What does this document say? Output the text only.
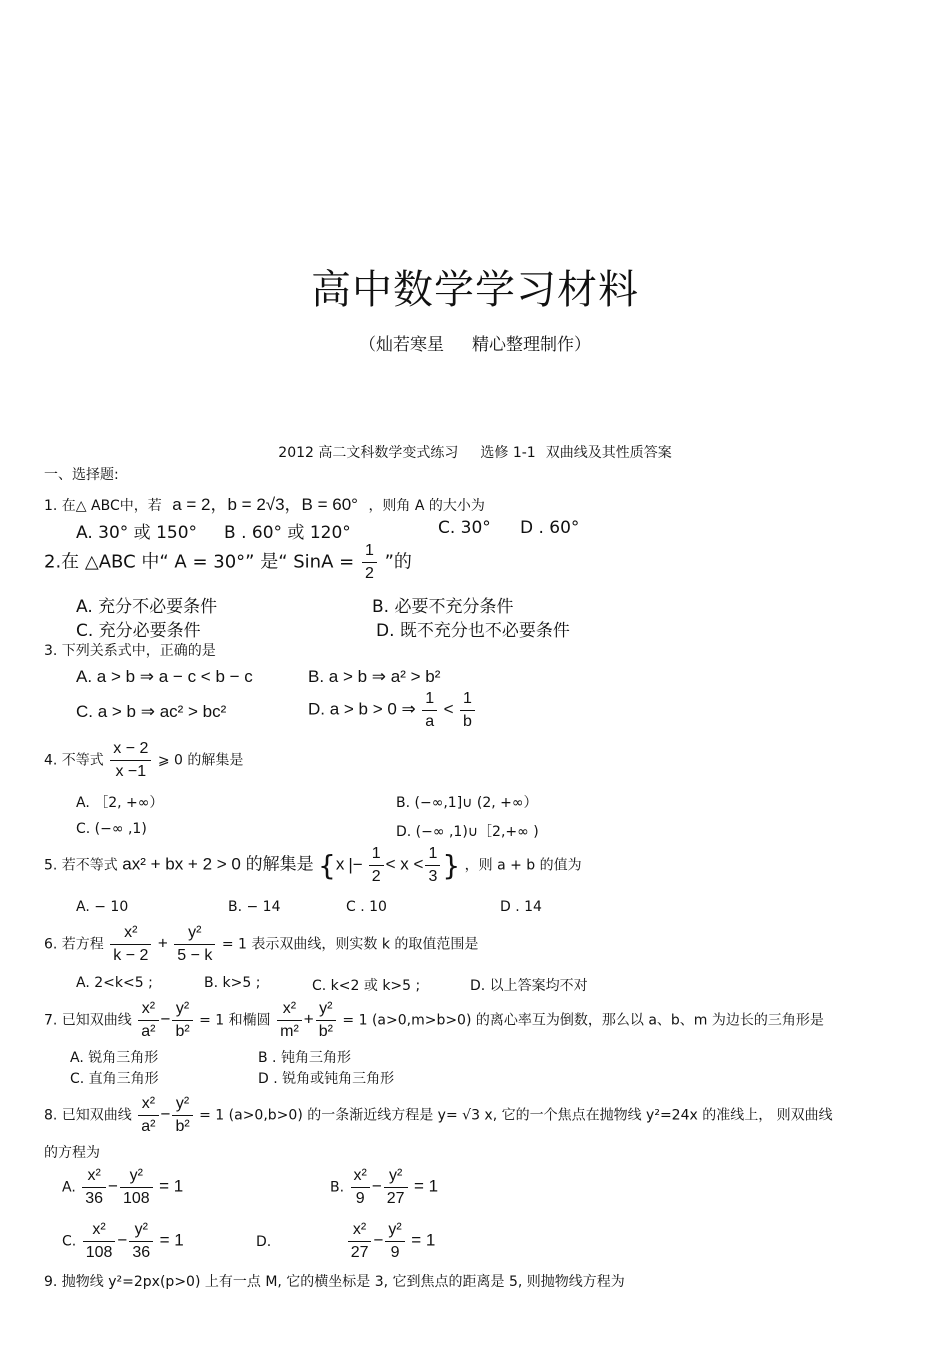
高中数学学习材料
（灿若寒星 精心整理制作）
2012 高二文科数学变式练习 选修 1-1 双曲线及其性质答案
一、选择题:
1. 在△ ABC中，若 a = 2，b = 2√3，B = 60° ，则角 A 的大小为
A. 30° 或 150° B . 60° 或 120°	C. 30° D . 60°
2.在 △ABC 中“ A = 30°” 是“ SinA = $\frac{1}{2}$ ”的
A. 充分不必要条件	B. 必要不充分条件
C. 充分必要条件	D. 既不充分也不必要条件
3. 下列关系式中，正确的是
A. a > b ⇒ a − c < b − c	B. a > b ⇒ a² > b²
C. a > b ⇒ ac² > bc²	D. a > b > 0 ⇒ $\frac{1}{a} < \frac{1}{b}$
4. 不等式 $\frac{x - 2}{x -1}$ ⩾ 0 的解集是
A. ［2, +∞）	B. (−∞,1]∪ (2, +∞）
C. (−∞ ,1)	D. (−∞ ,1)∪［2,+∞ )
5. 若不等式 ax² + bx + 2 > 0 的解集是 {x |− $\frac{1}{2} < x < \frac{1}{3}$ } ，则 a + b 的值为
A. − 10	B. − 14	C . 10	D . 14
6. 若方程 $\frac{\text{x²}}{k - 2} + \frac{\text{y²}}{5 - k} = 1$ 表示双曲线，则实数 k 的取值范围是
A. 2<k<5 ;	B. k>5 ;	C. k<2 或 k>5 ;	D. 以上答案均不对
7. 已知双曲线 $\frac{\text{x²}}{\text{a²}} - \frac{\text{y²}}{\text{b²}} = 1$ 和椭圆 $\frac{\text{x²}}{\text{m²}} + \frac{\text{y²}}{\text{b²}} = 1$ (a>0,m>b>0) 的离心率互为倒数，那么以 a、b、m 为边长的三角形是
A. 锐角三角形	B . 钝角三角形
C. 直角三角形	D . 锐角或钝角三角形
8. 已知双曲线 $\frac{\text{x²}}{\text{a²}} - \frac{\text{y²}}{\text{b²}} = 1$ (a>0,b>0) 的一条渐近线方程是 y= √3 x, 它的一个焦点在抛物线 y²=24x 的准线上， 则双曲线
的方程为
A. $\frac{\text{x²}}{36} - \frac{\text{y²}}{108} = 1$	B. $\frac{\text{x²}}{9} - \frac{\text{y²}}{27} = 1$
C. $\frac{\text{x²}}{108} - \frac{\text{y²}}{36} = 1$	D.	$\frac{\text{x²}}{27} - \frac{\text{y²}}{9} = 1$
9. 抛物线 y²=2px(p>0) 上有一点 M, 它的横坐标是 3, 它到焦点的距离是 5, 则抛物线方程为
